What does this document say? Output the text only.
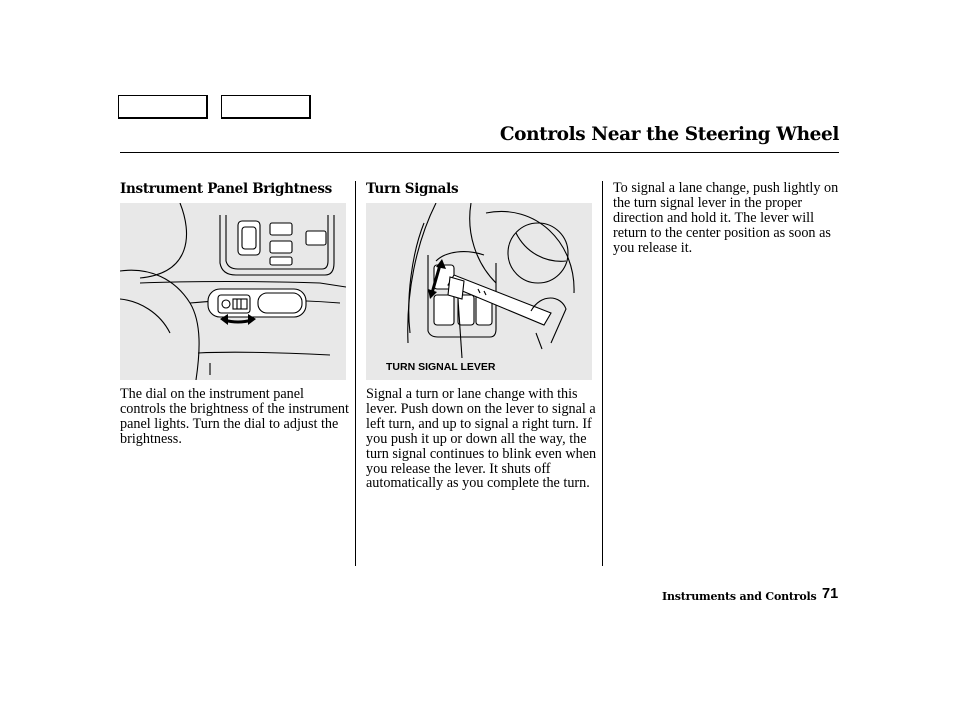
Controls Near the Steering Wheel
Instrument Panel Brightness	Turn Signals
TURN SIGNAL LEVER

The dial on the instrument panel controls the brightness of the instrument panel lights. Turn the dial to adjust the brightness.

Signal a turn or lane change with this lever. Push down on the lever to signal a left turn, and up to signal a right turn. If you push it up or down all the way, the turn signal continues to blink even when you release the lever. It shuts off automatically as you complete the turn.

To signal a lane change, push lightly on the turn signal lever in the proper direction and hold it. The lever will return to the center position as soon as you release it.

Instruments and Controls 71
